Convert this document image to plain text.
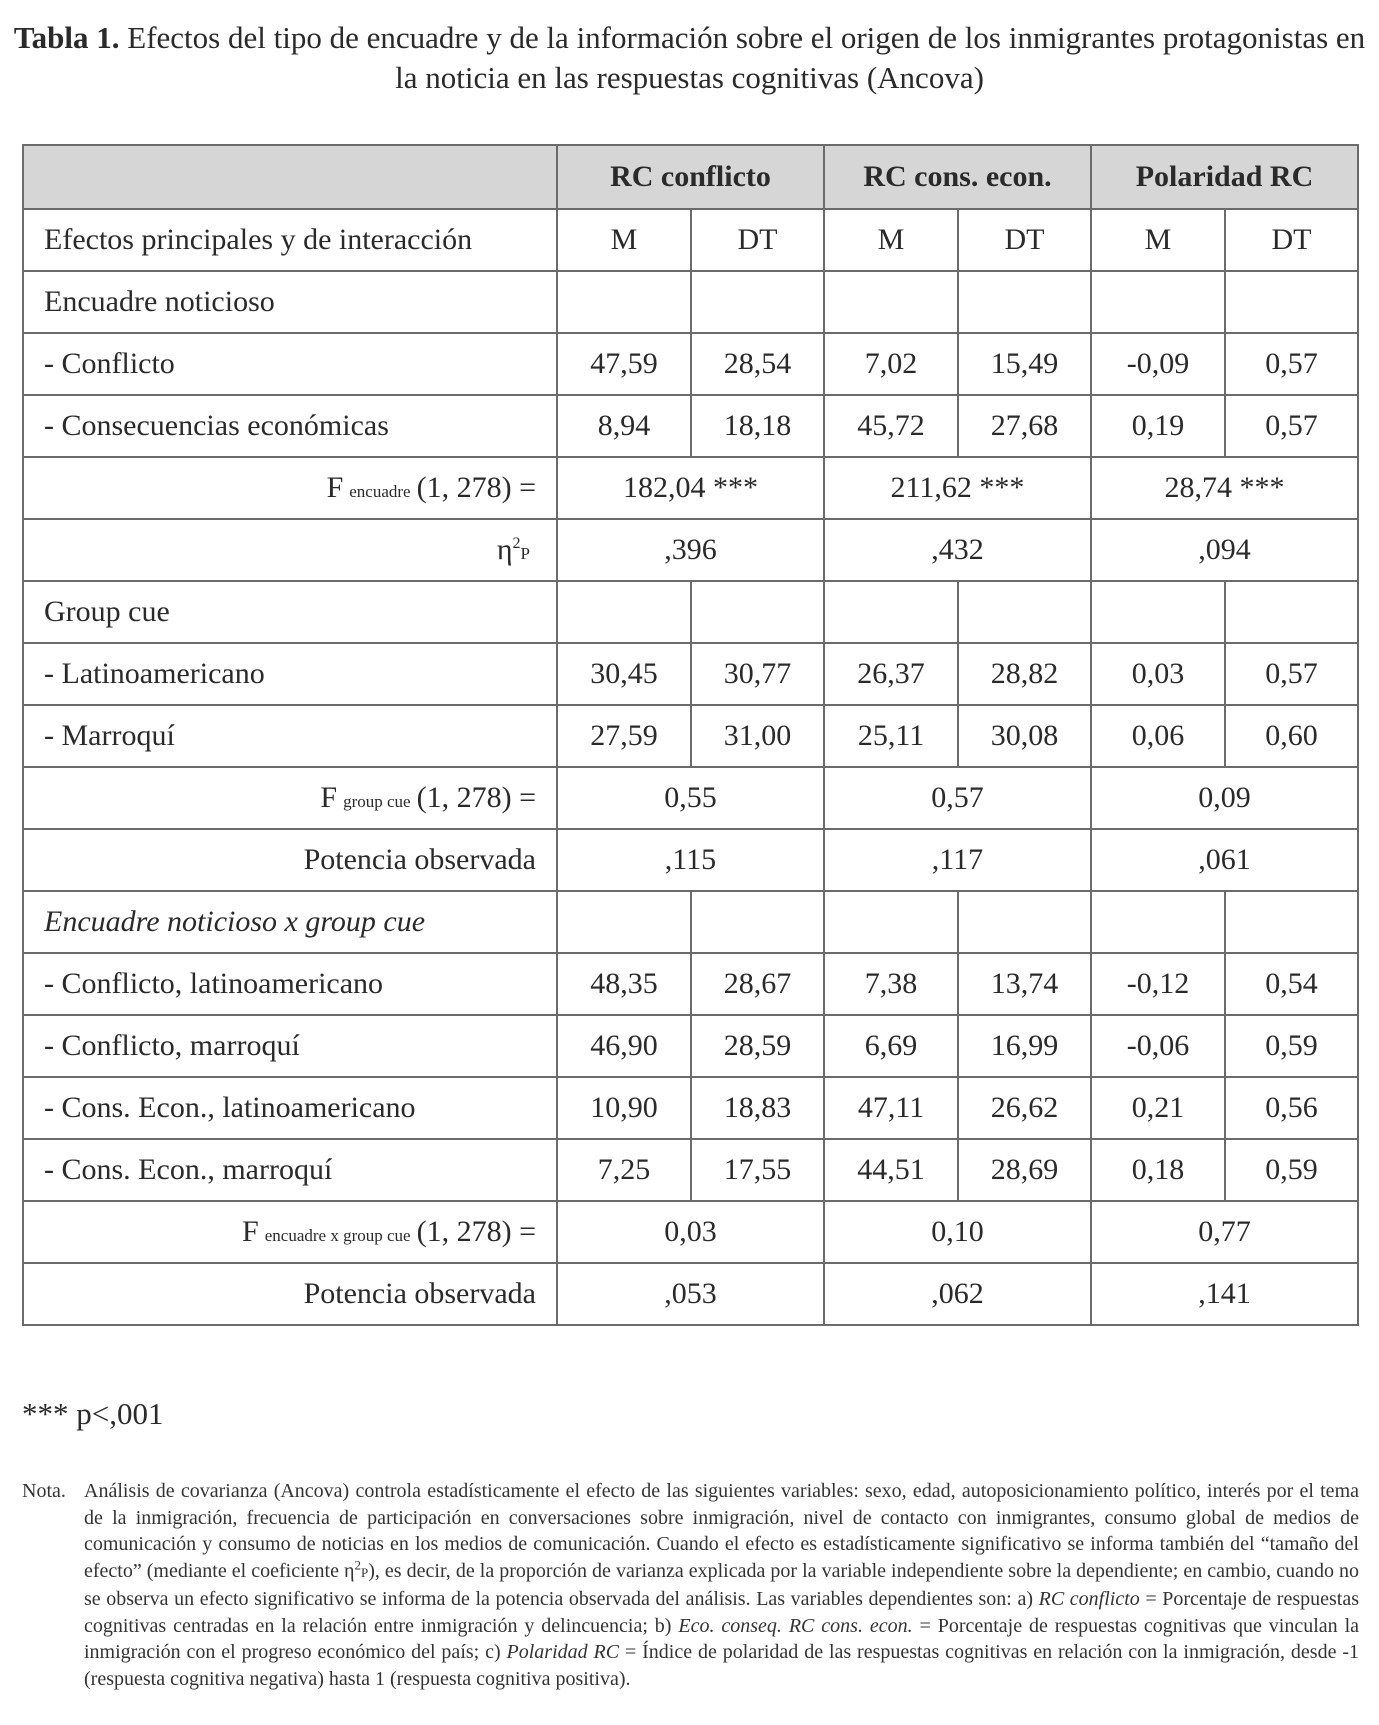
Tabla 1. Efectos del tipo de encuadre y de la información sobre el origen de los inmigrantes protagonistas en la noticia en las respuestas cognitivas (Ancova)
	RC conflicto		RC cons. econ.		Polaridad RC	
Efectos principales y de interacción	M	DT	M	DT	M	DT
Encuadre noticioso						
- Conflicto	47,59	28,54	7,02	15,49	-0,09	0,57
- Consecuencias económicas	8,94	18,18	45,72	27,68	0,19	0,57
F encuadre (1, 278) =	182,04 ***		211,62 ***		28,74 ***	
$\eta^2P$	,396		,432		,094	
Group cue						
- Latinoamericano	30,45	30,77	26,37	28,82	0,03	0,57
- Marroquí	27,59	31,00	25,11	30,08	0,06	0,60
F group cue (1, 278) =	0,55		0,57		0,09	
Potencia observada	,115		,117		,061	
Encuadre noticioso x group cue						
- Conflicto, latinoamericano	48,35	28,67	7,38	13,74	-0,12	0,54
- Conflicto, marroquí	46,90	28,59	6,69	16,99	-0,06	0,59
- Cons. Econ., latinoamericano	10,90	18,83	47,11	26,62	0,21	0,56
- Cons. Econ., marroquí	7,25	17,55	44,51	28,69	0,18	0,59
F encuadre x group cue (1, 278) =	0,03		0,10		0,77	
Potencia observada	,053		,062		,141	
*** p<,001
Nota. Análisis de covarianza (Ancova) controla estadísticamente el efecto de las siguientes variables: sexo, edad, autoposicionamiento político, interés por el tema de la inmigración, frecuencia de participación en conversaciones sobre inmigración, nivel de contacto con inmigrantes, consumo global de medios de comunicación y consumo de noticias en los medios de comunicación. Cuando el efecto es estadísticamente significativo se informa también del “tamaño del efecto” (mediante el coeficiente $\eta^2P$), es decir, de la proporción de varianza explicada por la variable independiente sobre la dependiente; en cambio, cuando no se observa un efecto significativo se informa de la potencia observada del análisis. Las variables dependientes son: a) RC conflicto = Porcentaje de respuestas cognitivas centradas en la relación entre inmigración y delincuencia; b) Eco. conseq. RC cons. econ. = Porcentaje de respuestas cognitivas que vinculan la inmigración con el progreso económico del país; c) Polaridad RC = Índice de polaridad de las respuestas cognitivas en relación con la inmigración, desde -1 (respuesta cognitiva negativa) hasta 1 (respuesta cognitiva positiva).
